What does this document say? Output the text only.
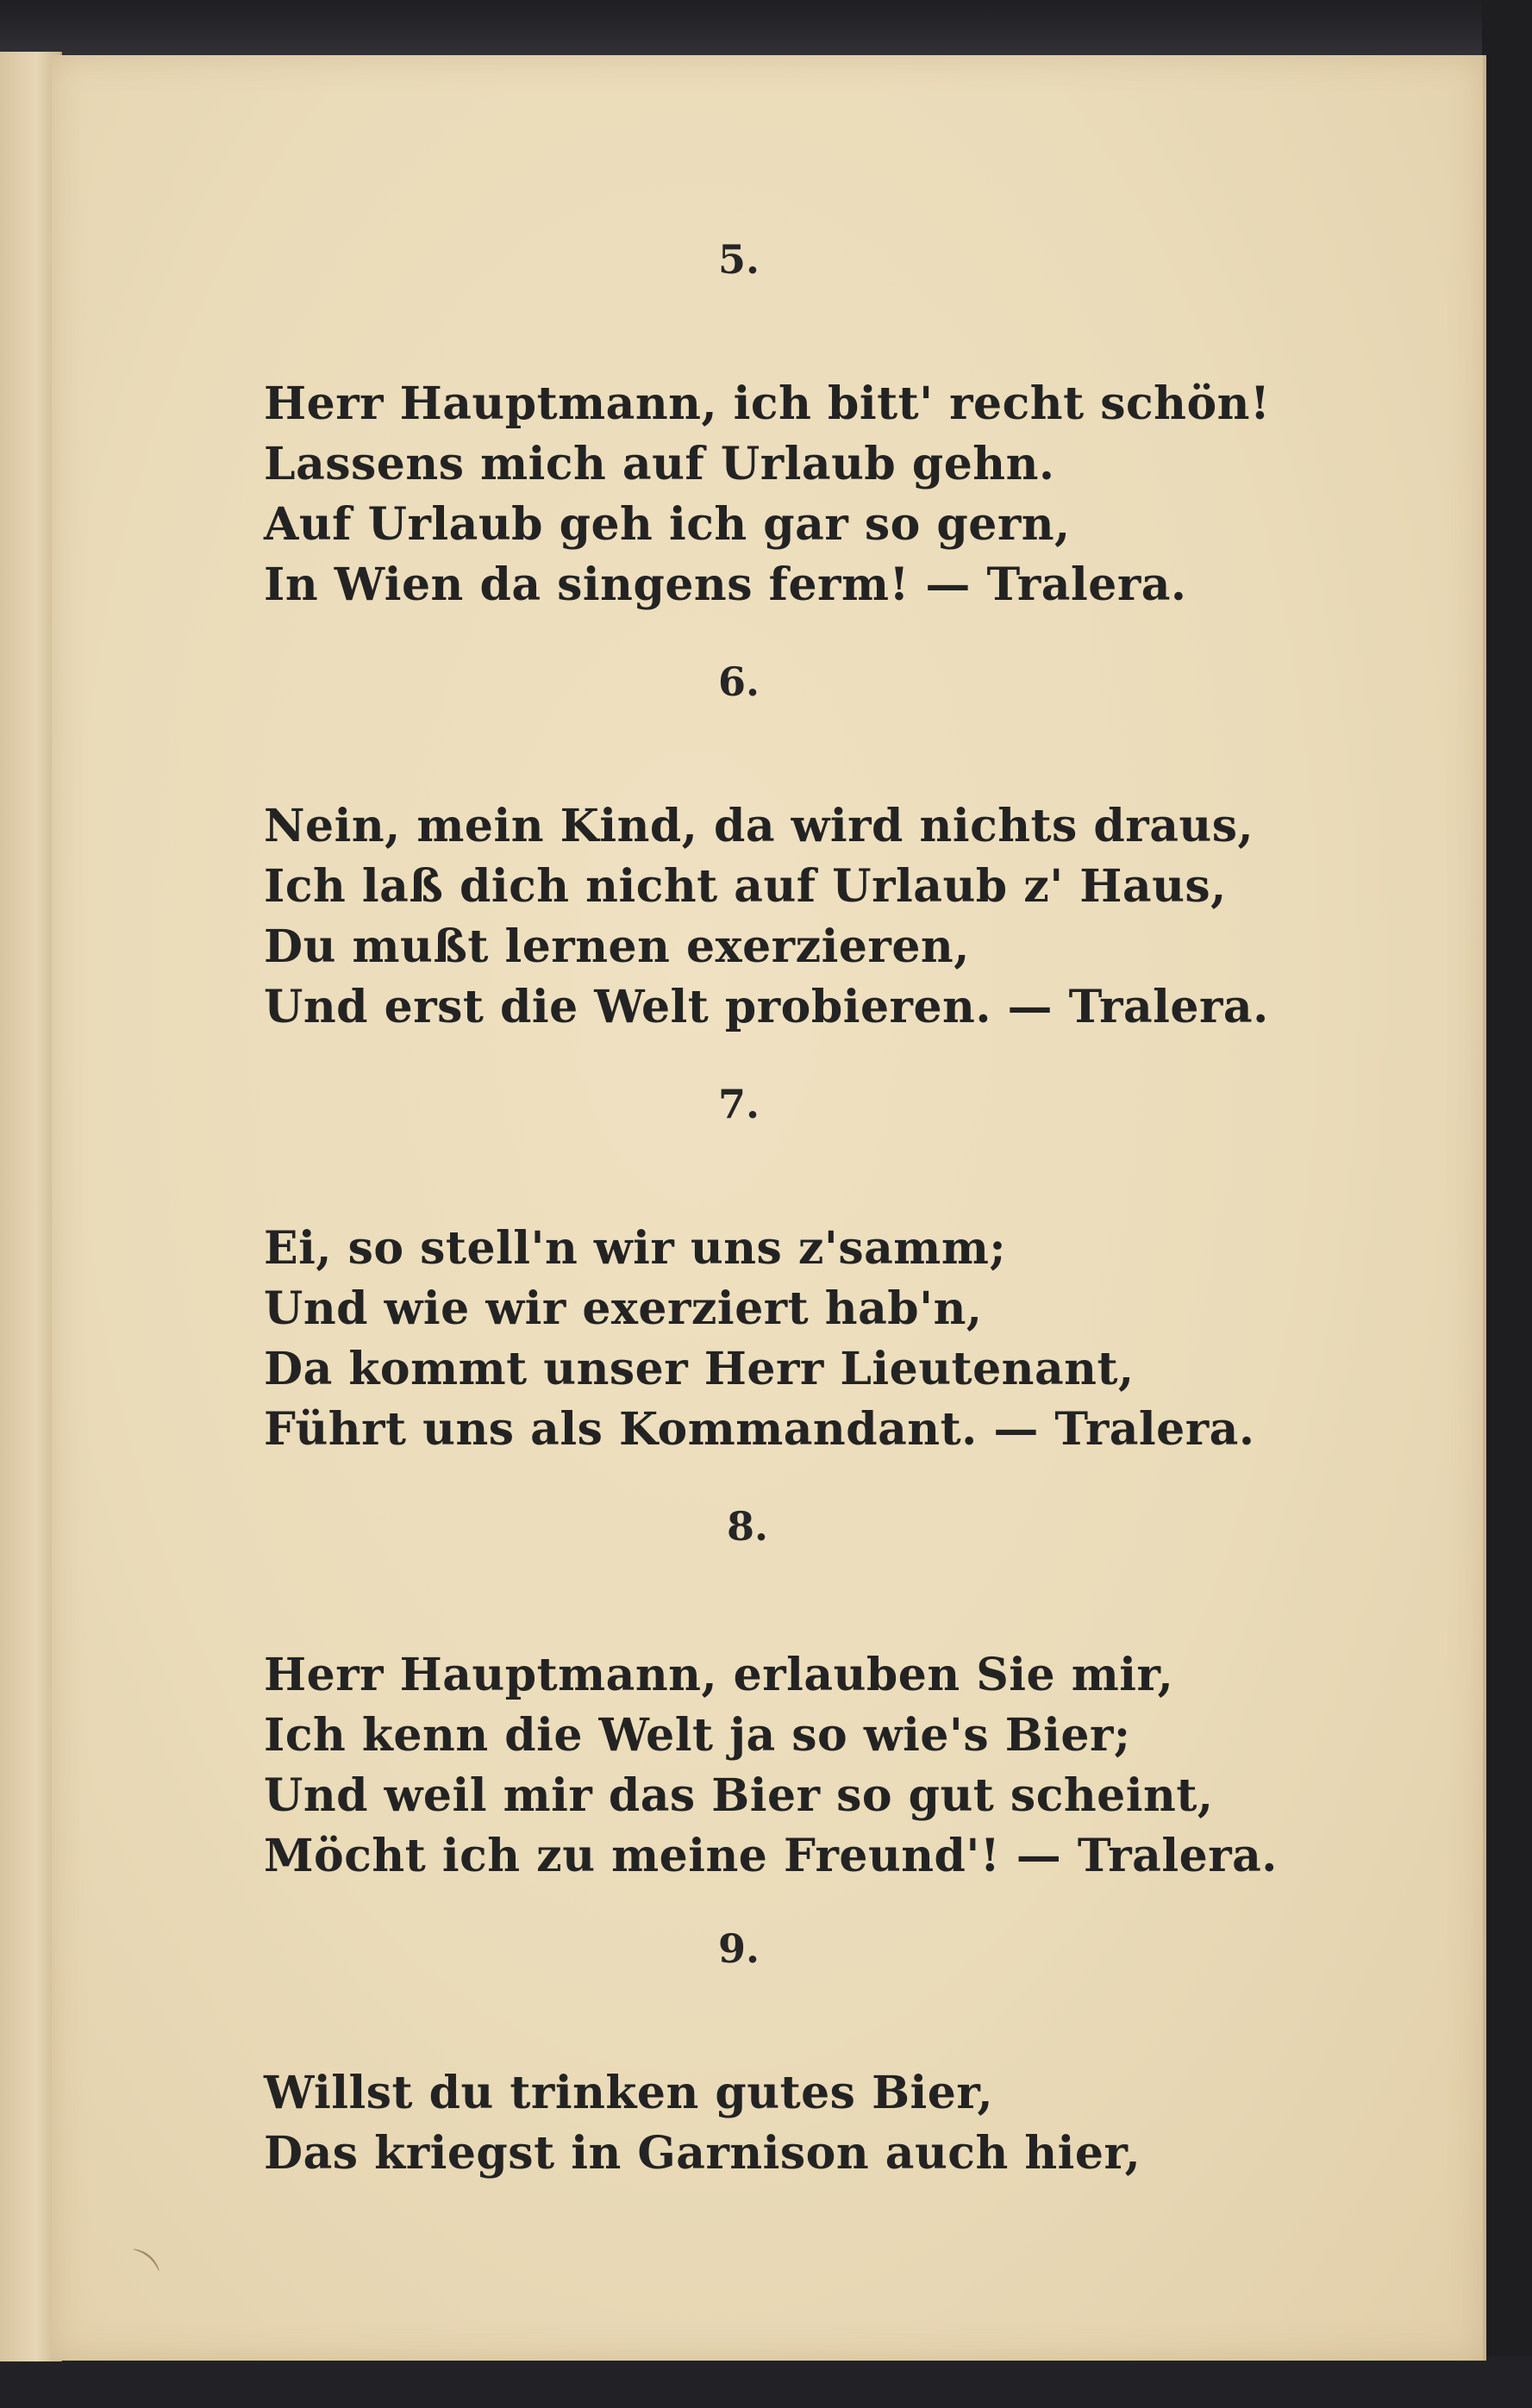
5.
Herr Hauptmann, ich bitt' recht schön!
Lassens mich auf Urlaub gehn.
Auf Urlaub geh ich gar so gern,
In Wien da singens ferm! — Tralera.
6.
Nein, mein Kind, da wird nichts draus,
Ich laß dich nicht auf Urlaub z' Haus,
Du mußt lernen exerzieren,
Und erst die Welt probieren. — Tralera.
7.
Ei, so stell'n wir uns z'samm;
Und wie wir exerziert hab'n,
Da kommt unser Herr Lieutenant,
Führt uns als Kommandant. — Tralera.
8.
Herr Hauptmann, erlauben Sie mir,
Ich kenn die Welt ja so wie's Bier;
Und weil mir das Bier so gut scheint,
Möcht ich zu meine Freund'! — Tralera.
9.
Willst du trinken gutes Bier,
Das kriegst in Garnison auch hier,
⌒
